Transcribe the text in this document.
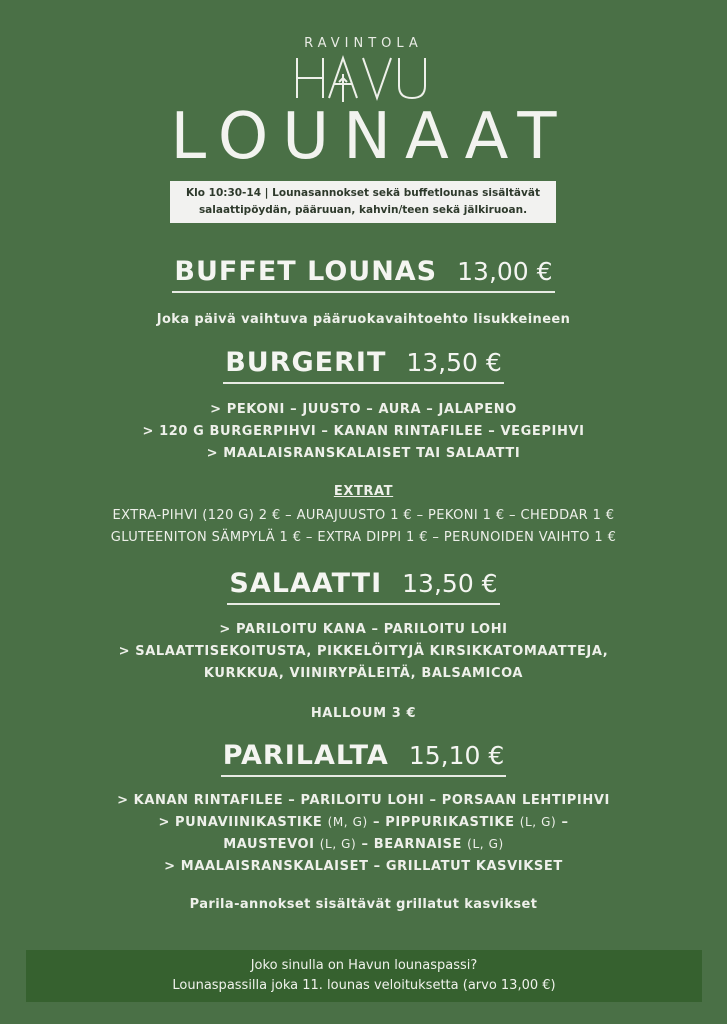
RAVINTOLA
LOUNAAT
Klo 10:30-14 | Lounasannokset sekä buffetlounas sisältävät
salaattipöydän, pääruuan, kahvin/teen sekä jälkiruoan.
BUFFET LOUNAS 13,00 €
Joka päivä vaihtuva pääruokavaihtoehto lisukkeineen
BURGERIT 13,50 €
> PEKONI – JUUSTO – AURA – JALAPENO
> 120 G BURGERPIHVI – KANAN RINTAFILEE – VEGEPIHVI
> MAALAISRANSKALAISET TAI SALAATTI
EXTRAT
EXTRA-PIHVI (120 G) 2 € – AURAJUUSTO 1 € – PEKONI 1 € – CHEDDAR 1 €
GLUTEENITON SÄMPYLÄ 1 € – EXTRA DIPPI 1 € – PERUNOIDEN VAIHTO 1 €
SALAATTI 13,50 €
> PARILOITU KANA – PARILOITU LOHI
> SALAATTISEKOITUSTA, PIKKELÖITYJÄ KIRSIKKATOMAATTEJA,
KURKKUA, VIINIRYPÄLEITÄ, BALSAMICOA
HALLOUM 3 €
PARILALTA 15,10 €
> KANAN RINTAFILEE – PARILOITU LOHI – PORSAAN LEHTIPIHVI
> PUNAVIINIKASTIKE (M, G) – PIPPURIKASTIKE (L, G) –
MAUSTEVOI (L, G) – BEARNAISE (L, G)
> MAALAISRANSKALAISET – GRILLATUT KASVIKSET
Parila-annokset sisältävät grillatut kasvikset
Joko sinulla on Havun lounaspassi?
Lounaspassilla joka 11. lounas veloituksetta (arvo 13,00 €)
